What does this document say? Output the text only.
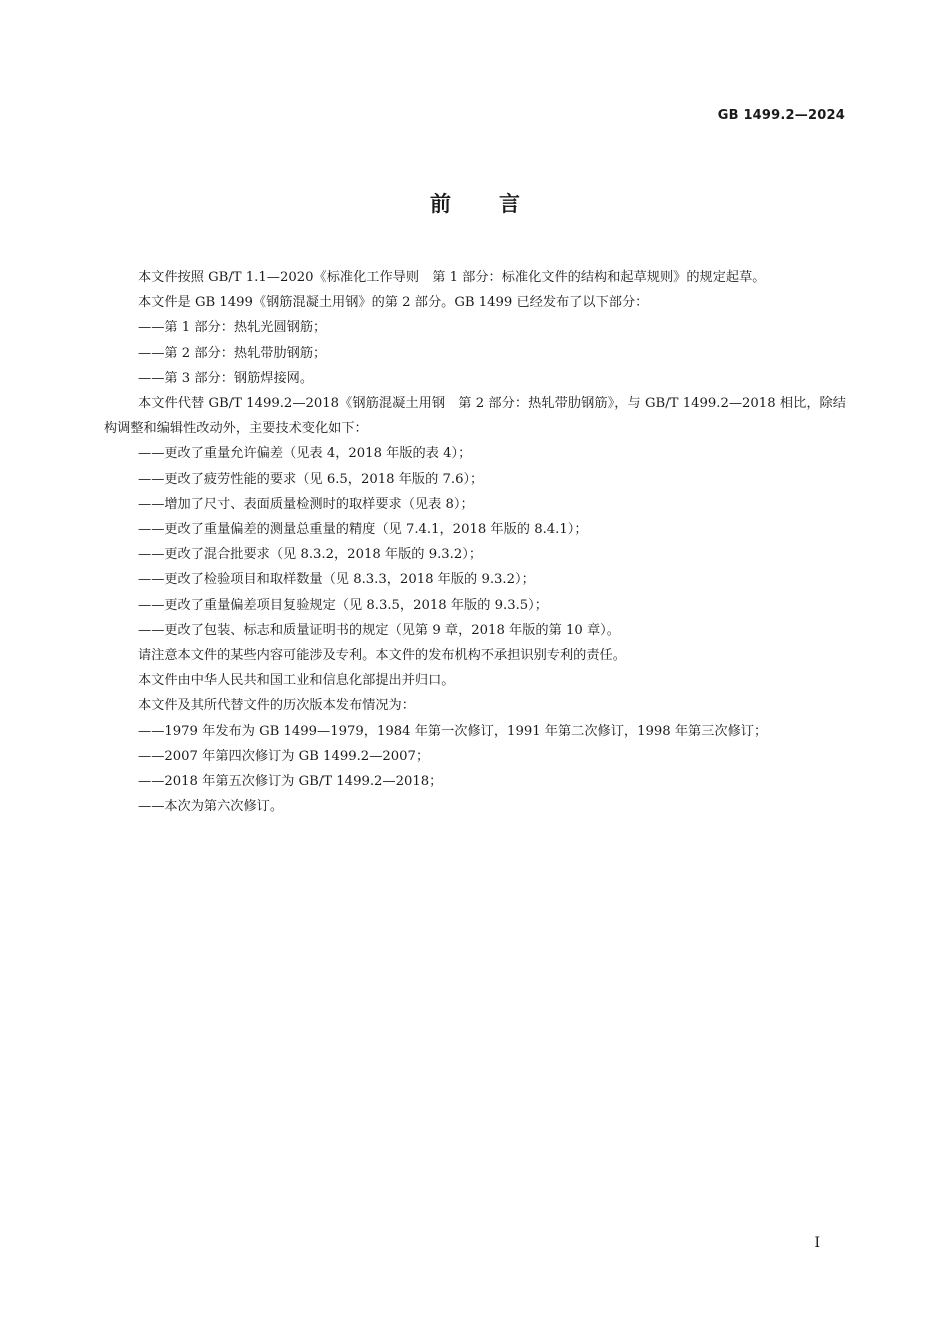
GB 1499.2—2024
前言

本文件按照 GB/T 1.1—2020《标准化工作导则　第 1 部分：标准化文件的结构和起草规则》的规定起草。

本文件是 GB 1499《钢筋混凝土用钢》的第 2 部分。GB 1499 已经发布了以下部分：

——第 1 部分：热轧光圆钢筋；

——第 2 部分：热轧带肋钢筋；

——第 3 部分：钢筋焊接网。

本文件代替 GB/T 1499.2—2018《钢筋混凝土用钢　第 2 部分：热轧带肋钢筋》，与 GB/T 1499.2—2018 相比，除结构调整和编辑性改动外，主要技术变化如下：

——更改了重量允许偏差（见表 4，2018 年版的表 4）；

——更改了疲劳性能的要求（见 6.5，2018 年版的 7.6）；

——增加了尺寸、表面质量检测时的取样要求（见表 8）；

——更改了重量偏差的测量总重量的精度（见 7.4.1，2018 年版的 8.4.1）；

——更改了混合批要求（见 8.3.2，2018 年版的 9.3.2）；

——更改了检验项目和取样数量（见 8.3.3，2018 年版的 9.3.2）；

——更改了重量偏差项目复验规定（见 8.3.5，2018 年版的 9.3.5）；

——更改了包装、标志和质量证明书的规定（见第 9 章，2018 年版的第 10 章）。

请注意本文件的某些内容可能涉及专利。本文件的发布机构不承担识别专利的责任。

本文件由中华人民共和国工业和信息化部提出并归口。

本文件及其所代替文件的历次版本发布情况为：

——1979 年发布为 GB 1499—1979，1984 年第一次修订，1991 年第二次修订，1998 年第三次修订；

——2007 年第四次修订为 GB 1499.2—2007；

——2018 年第五次修订为 GB/T 1499.2—2018；

——本次为第六次修订。

I
